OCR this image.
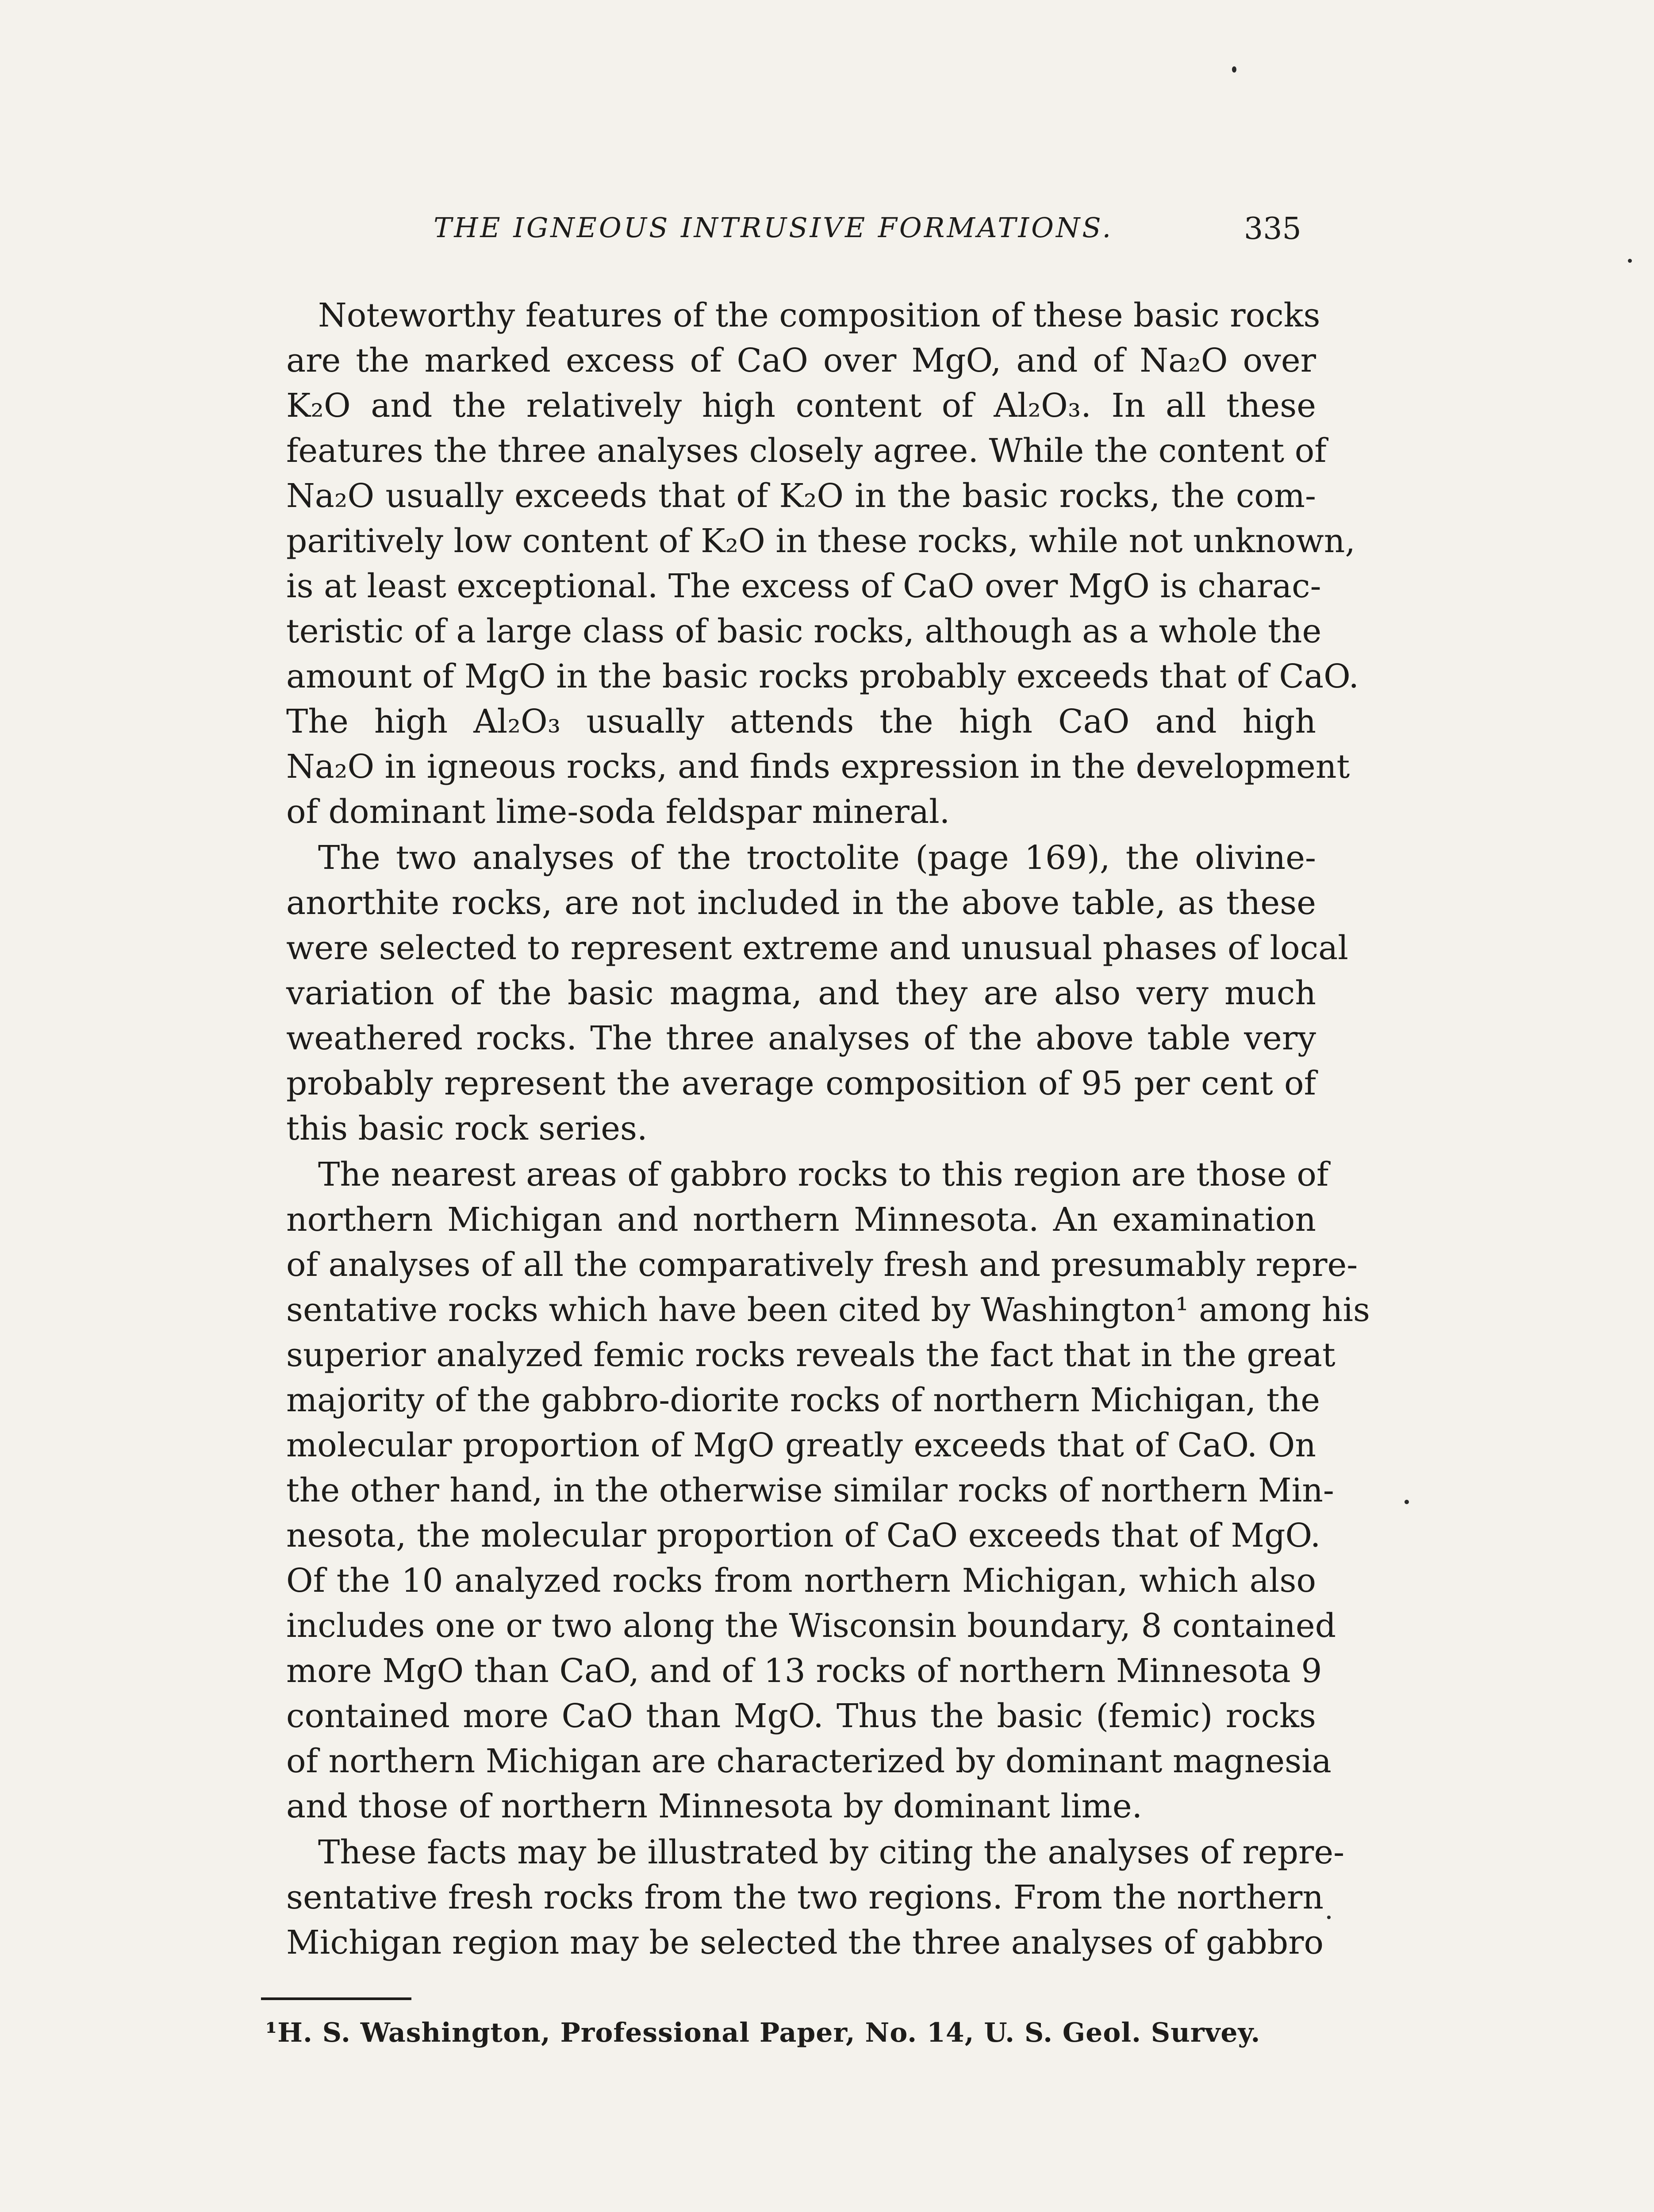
THE IGNEOUS INTRUSIVE FORMATIONS.	335
Noteworthy features of the composition of these basic rocks
are the marked excess of CaO over MgO, and of Na₂O over
K₂O and the relatively high content of Al₂O₃. In all these
features the three analyses closely agree. While the content of
Na₂O usually exceeds that of K₂O in the basic rocks, the com-
paritively low content of K₂O in these rocks, while not unknown,
is at least exceptional. The excess of CaO over MgO is charac-
teristic of a large class of basic rocks, although as a whole the
amount of MgO in the basic rocks probably exceeds that of CaO.
The high Al₂O₃ usually attends the high CaO and high
Na₂O in igneous rocks, and finds expression in the development
of dominant lime-soda feldspar mineral.
The two analyses of the troctolite (page 169), the olivine-
anorthite rocks, are not included in the above table, as these
were selected to represent extreme and unusual phases of local
variation of the basic magma, and they are also very much
weathered rocks. The three analyses of the above table very
probably represent the average composition of 95 per cent of
this basic rock series.
The nearest areas of gabbro rocks to this region are those of
northern Michigan and northern Minnesota. An examination
of analyses of all the comparatively fresh and presumably repre-
sentative rocks which have been cited by Washington¹ among his
superior analyzed femic rocks reveals the fact that in the great
majority of the gabbro-diorite rocks of northern Michigan, the
molecular proportion of MgO greatly exceeds that of CaO. On
the other hand, in the otherwise similar rocks of northern Min-
nesota, the molecular proportion of CaO exceeds that of MgO.
Of the 10 analyzed rocks from northern Michigan, which also
includes one or two along the Wisconsin boundary, 8 contained
more MgO than CaO, and of 13 rocks of northern Minnesota 9
contained more CaO than MgO. Thus the basic (femic) rocks
of northern Michigan are characterized by dominant magnesia
and those of northern Minnesota by dominant lime.
These facts may be illustrated by citing the analyses of repre-
sentative fresh rocks from the two regions. From the northern
Michigan region may be selected the three analyses of gabbro
¹H. S. Washington, Professional Paper, No. 14, U. S. Geol. Survey.
